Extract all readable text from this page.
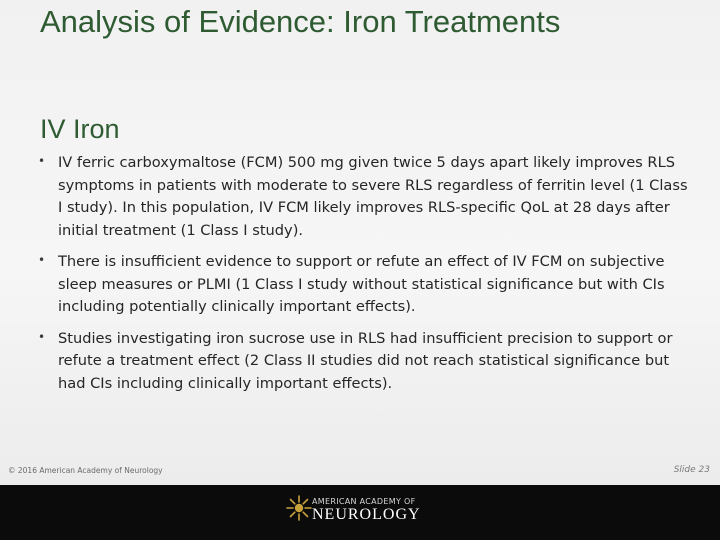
Analysis of Evidence: Iron Treatments
IV Iron
• IV ferric carboxymaltose (FCM) 500 mg given twice 5 days apart likely improves RLS symptoms in patients with moderate to severe RLS regardless of ferritin level (1 Class I study). In this population, IV FCM likely improves RLS-specific QoL at 28 days after initial treatment (1 Class I study).
• There is insufficient evidence to support or refute an effect of IV FCM on subjective sleep measures or PLMI (1 Class I study without statistical significance but with CIs including potentially clinically important effects).
• Studies investigating iron sucrose use in RLS had insufficient precision to support or refute a treatment effect (2 Class II studies did not reach statistical significance but had CIs including clinically important effects).
© 2016 American Academy of Neurology	Slide 23
AMERICAN ACADEMY OF
NEUROLOGY
